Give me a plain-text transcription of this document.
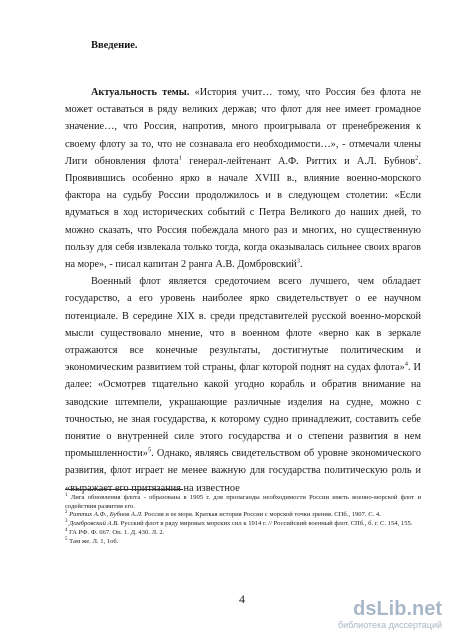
Введение.

Актуальность темы. «История учит… тому, что Россия без флота не может оставаться в ряду великих держав; что флот для нее имеет громадное значение…, что Россия, напротив, много проигрывала от пренебрежения к своему флоту за то, что не сознавала его необходимости…», - отмечали члены Лиги обновления флота$^1$ генерал-лейтенант А.Ф. Риттих и А.Л. Бубнов$^2$. Проявившись особенно ярко в начале XVIII в., влияние военно-морского фактора на судьбу России продолжилось и в следующем столетии: «Если вдуматься в ход исторических событий с Петра Великого до наших дней, то можно сказать, что Россия побеждала много раз и многих, но существенную пользу для себя извлекала только тогда, когда оказывалась сильнее своих врагов на море», - писал капитан 2 ранга А.В. Домбровский$^3$.

Военный флот является средоточием всего лучшего, чем обладает государство, а его уровень наиболее ярко свидетельствует о ее научном потенциале. В середине XIX в. среди представителей русской военно-морской мысли существовало мнение, что в военном флоте «верно как в зеркале отражаются все конечные результаты, достигнутые политическим и экономическим развитием той страны, флаг которой поднят на судах флота»$^4$. И далее: «Осмотрев тщательно какой угодно корабль и обратив внимание на заводские штемпели, украшающие различные изделия на судне, можно с точностью, не зная государства, к которому судно принадлежит, составить себе понятие о внутренней силе этого государства и о степени развития в нем промышленности»$^5$. Однако, являясь свидетельством об уровне экономического развития, флот играет не менее важную для государства политическую роль и «выражает его притязания на известное

$^1$ Лига обновления флота - образована в 1905 г. для пропаганды необходимости России иметь военно-морской флот и содействия развития его.
$^2$ Риттих А.Ф., Бубнов А.Л. Россия и ее моря. Краткая история России с морской точки зрения. СПб., 1907. С. 4.
$^3$ Домбровский А.В. Русский флот в ряду мировых морских сил к 1914 г. // Российский военный флот. СПб., б. г. С. 154, 155.
$^4$ ГА РФ. Ф. 667. Оп. 1. Д. 430. Л. 2.
$^5$ Там же. Л. 1, 1об.
4	dsLib.net
библиотека диссертаций
